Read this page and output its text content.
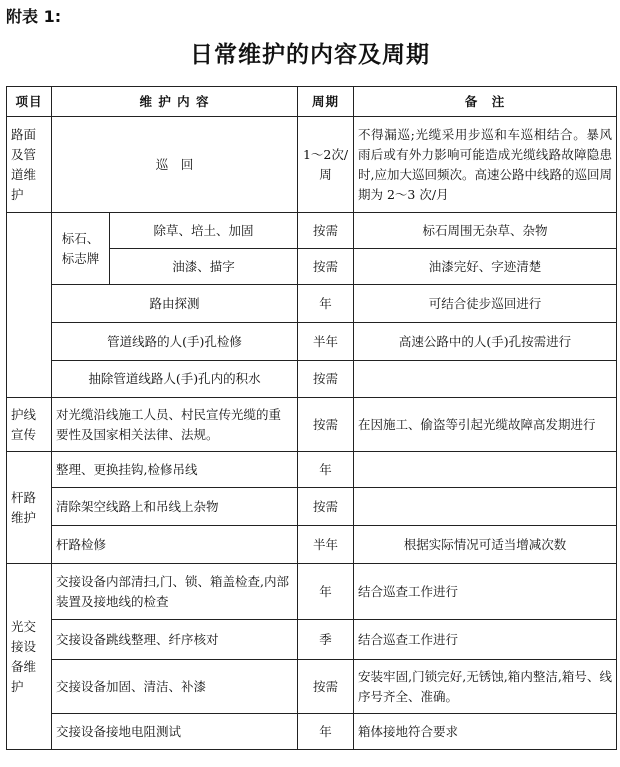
附表 1:
日常维护的内容及周期
项目	维 护 内 容		周期	备　注
路面及管道维护	巡　回		1～2次/周	不得漏巡;光缆采用步巡和车巡相结合。暴风雨后或有外力影响可能造成光缆线路故障隐患时,应加大巡回频次。高速公路中线路的巡回周期为 2～3 次/月
	标石、标志牌	除草、培土、加固	按需	标石周围无杂草、杂物
		油漆、描字	按需	油漆完好、字迹清楚
	路由探测		年	可结合徒步巡回进行
	管道线路的人(手)孔检修		半年	高速公路中的人(手)孔按需进行
	抽除管道线路人(手)孔内的积水		按需	
护线宣传	对光缆沿线施工人员、村民宣传光缆的重要性及国家相关法律、法规。		按需	在因施工、偷盗等引起光缆故障高发期进行
杆路维护	整理、更换挂钩,检修吊线		年	
	清除架空线路上和吊线上杂物		按需	
	杆路检修		半年	根据实际情况可适当增减次数
光交接设备维护	交接设备内部清扫,门、锁、箱盖检查,内部装置及接地线的检查		年	结合巡查工作进行
	交接设备跳线整理、纤序核对		季	结合巡查工作进行
	交接设备加固、清洁、补漆		按需	安装牢固,门锁完好,无锈蚀,箱内整洁,箱号、线序号齐全、准确。
	交接设备接地电阻测试		年	箱体接地符合要求
